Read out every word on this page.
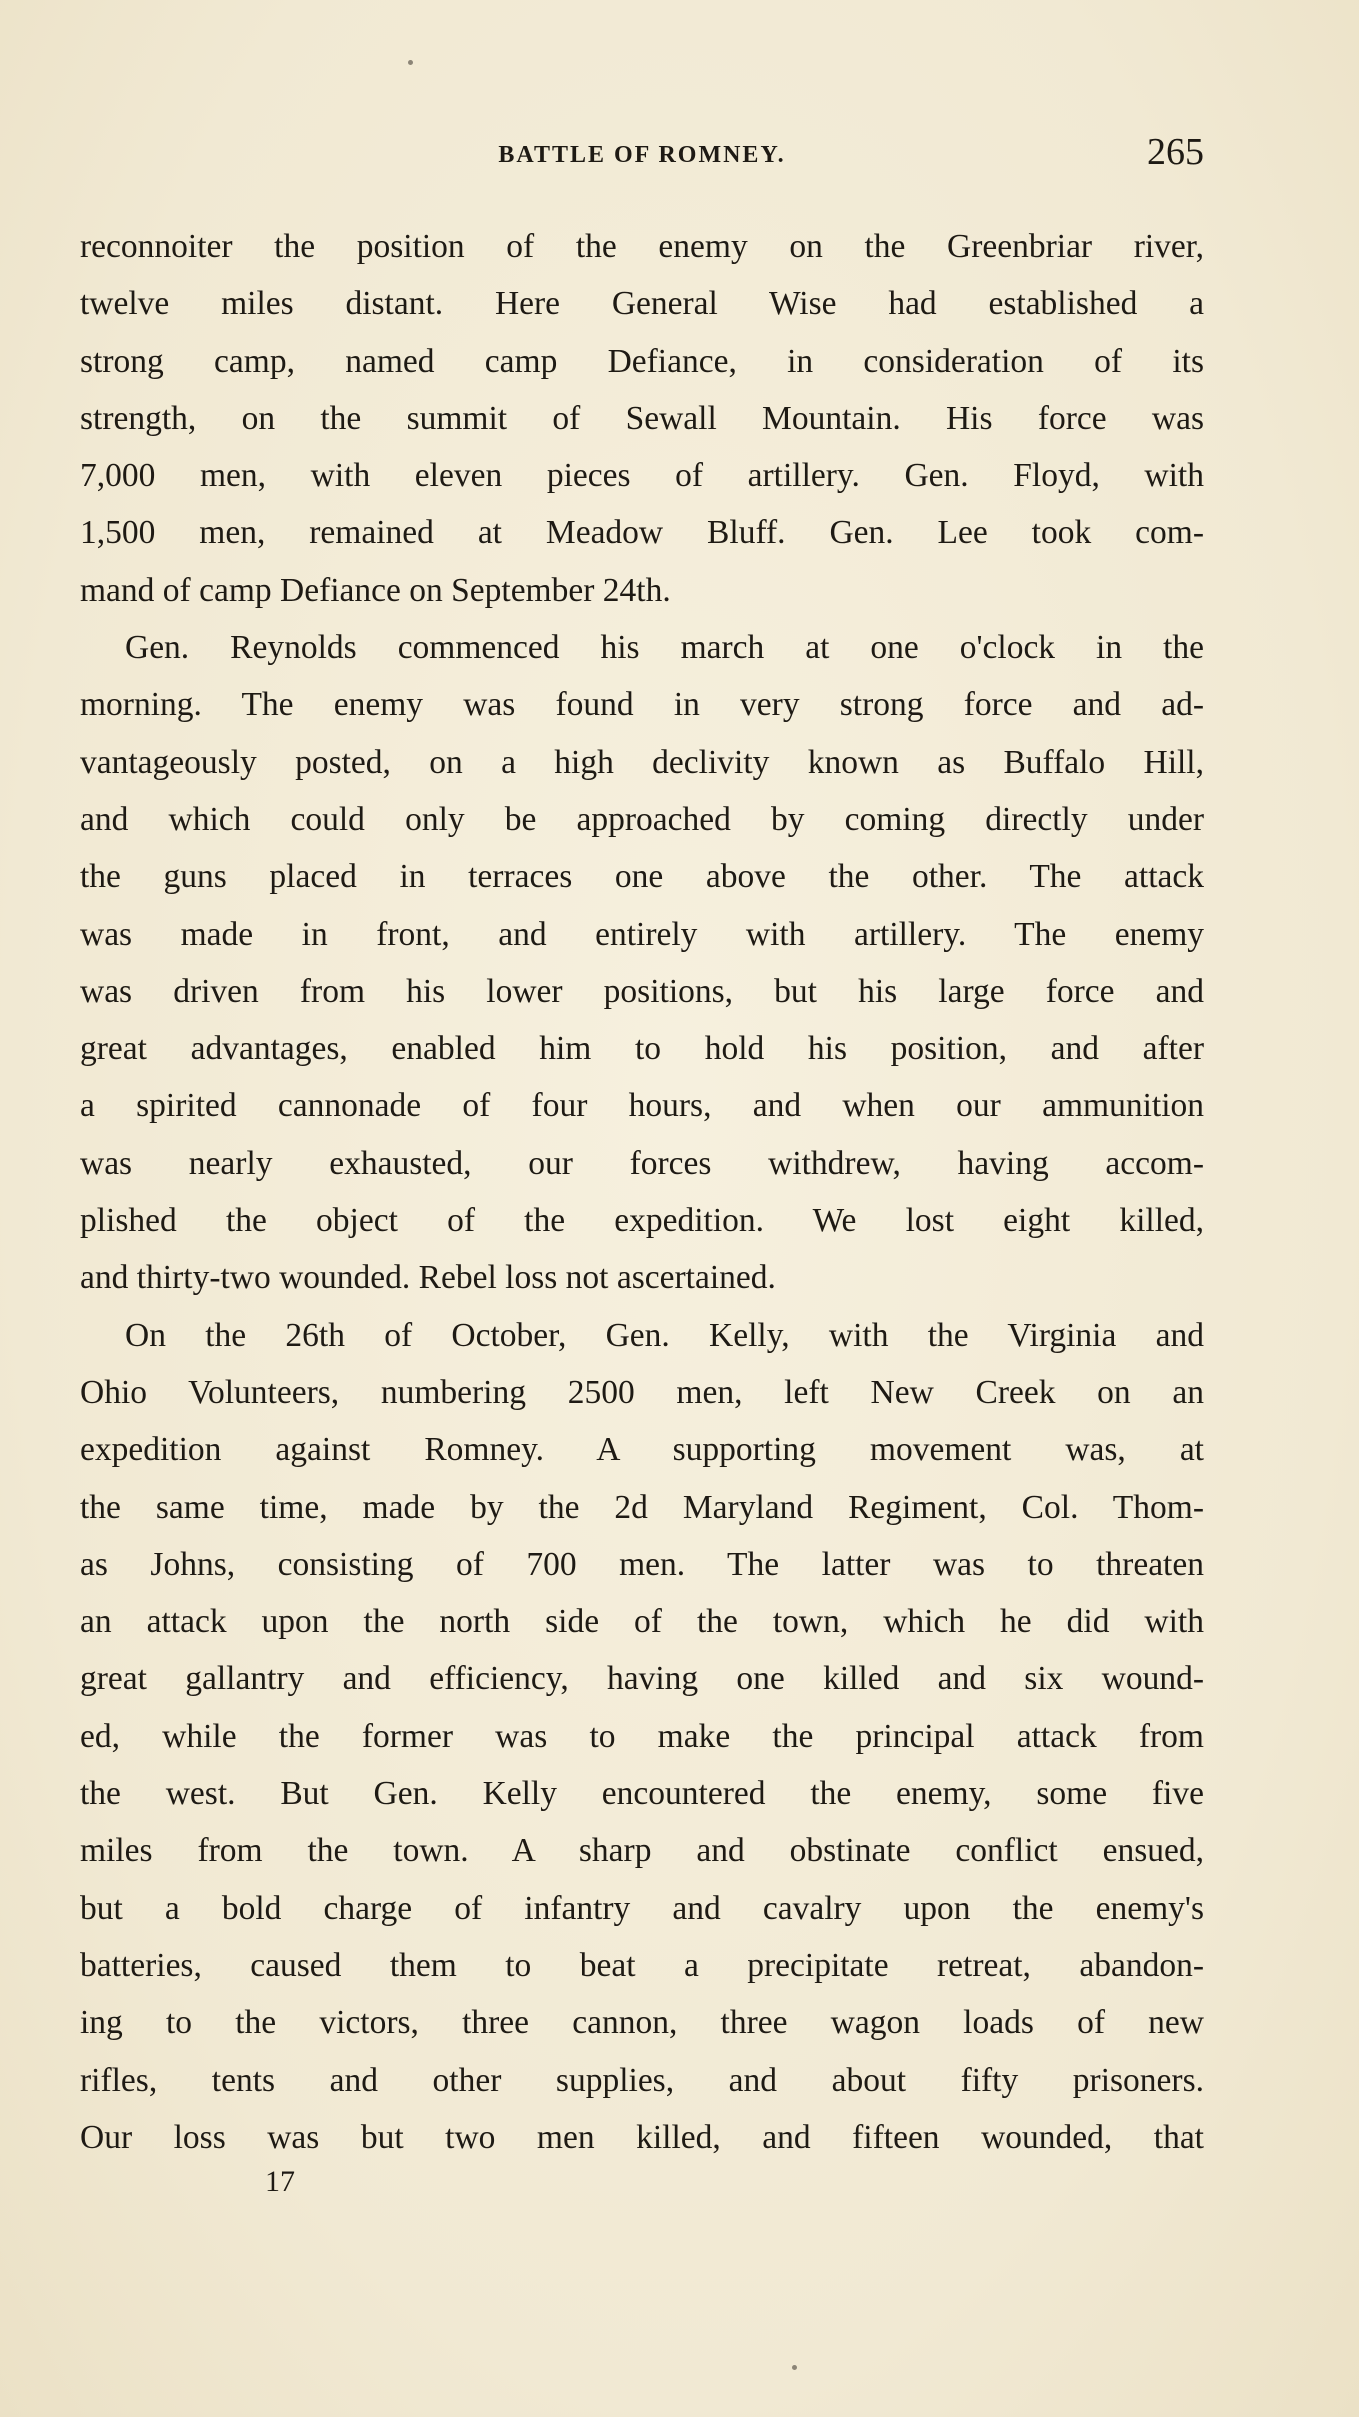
BATTLE OF ROMNEY.	265
reconnoiter the position of the enemy on the Greenbriar river,
twelve miles distant. Here General Wise had established a
strong camp, named camp Defiance, in consideration of its
strength, on the summit of Sewall Mountain. His force was
7,000 men, with eleven pieces of artillery. Gen. Floyd, with
1,500 men, remained at Meadow Bluff. Gen. Lee took com-
mand of camp Defiance on September 24th.
Gen. Reynolds commenced his march at one o'clock in the
morning. The enemy was found in very strong force and ad-
vantageously posted, on a high declivity known as Buffalo Hill,
and which could only be approached by coming directly under
the guns placed in terraces one above the other. The attack
was made in front, and entirely with artillery. The enemy
was driven from his lower positions, but his large force and
great advantages, enabled him to hold his position, and after
a spirited cannonade of four hours, and when our ammunition
was nearly exhausted, our forces withdrew, having accom-
plished the object of the expedition. We lost eight killed,
and thirty-two wounded. Rebel loss not ascertained.
On the 26th of October, Gen. Kelly, with the Virginia and
Ohio Volunteers, numbering 2500 men, left New Creek on an
expedition against Romney. A supporting movement was, at
the same time, made by the 2d Maryland Regiment, Col. Thom-
as Johns, consisting of 700 men. The latter was to threaten
an attack upon the north side of the town, which he did with
great gallantry and efficiency, having one killed and six wound-
ed, while the former was to make the principal attack from
the west. But Gen. Kelly encountered the enemy, some five
miles from the town. A sharp and obstinate conflict ensued,
but a bold charge of infantry and cavalry upon the enemy's
batteries, caused them to beat a precipitate retreat, abandon-
ing to the victors, three cannon, three wagon loads of new
rifles, tents and other supplies, and about fifty prisoners.
Our loss was but two men killed, and fifteen wounded, that
17
